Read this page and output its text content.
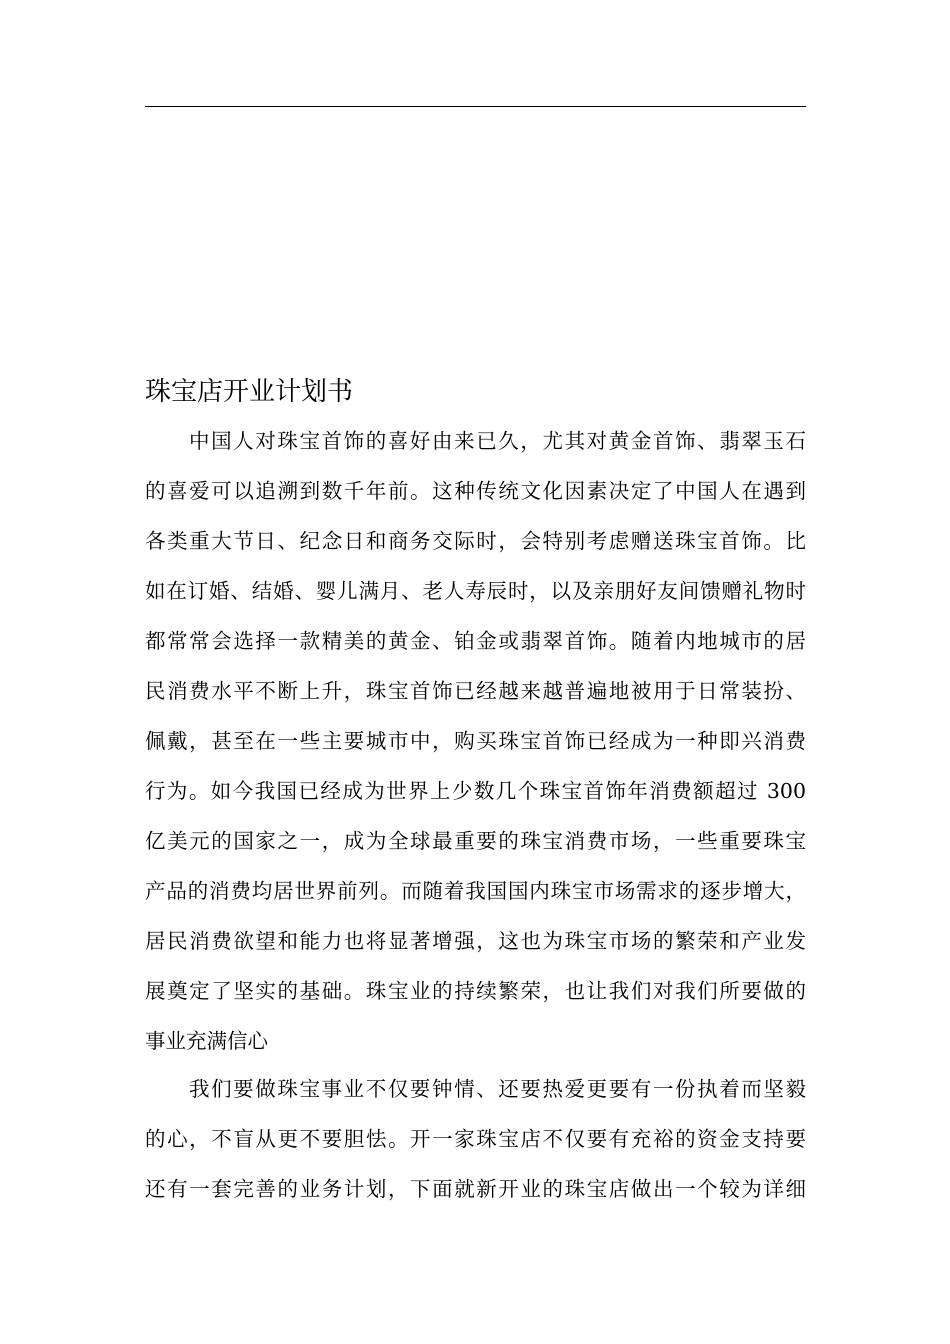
珠宝店开业计划书
中国人对珠宝首饰的喜好由来已久，尤其对黄金首饰、翡翠玉石
的喜爱可以追溯到数千年前。这种传统文化因素决定了中国人在遇到
各类重大节日、纪念日和商务交际时，会特别考虑赠送珠宝首饰。比
如在订婚、结婚、婴儿满月、老人寿辰时，以及亲朋好友间馈赠礼物时
都常常会选择一款精美的黄金、铂金或翡翠首饰。随着内地城市的居
民消费水平不断上升，珠宝首饰已经越来越普遍地被用于日常装扮、
佩戴，甚至在一些主要城市中，购买珠宝首饰已经成为一种即兴消费
行为。如今我国已经成为世界上少数几个珠宝首饰年消费额超过 300
亿美元的国家之一，成为全球最重要的珠宝消费市场，一些重要珠宝
产品的消费均居世界前列。而随着我国国内珠宝市场需求的逐步增大，
居民消费欲望和能力也将显著增强，这也为珠宝市场的繁荣和产业发
展奠定了坚实的基础。珠宝业的持续繁荣，也让我们对我们所要做的
事业充满信心
我们要做珠宝事业不仅要钟情、还要热爱更要有一份执着而坚毅
的心，不盲从更不要胆怯。开一家珠宝店不仅要有充裕的资金支持要
还有一套完善的业务计划，下面就新开业的珠宝店做出一个较为详细
